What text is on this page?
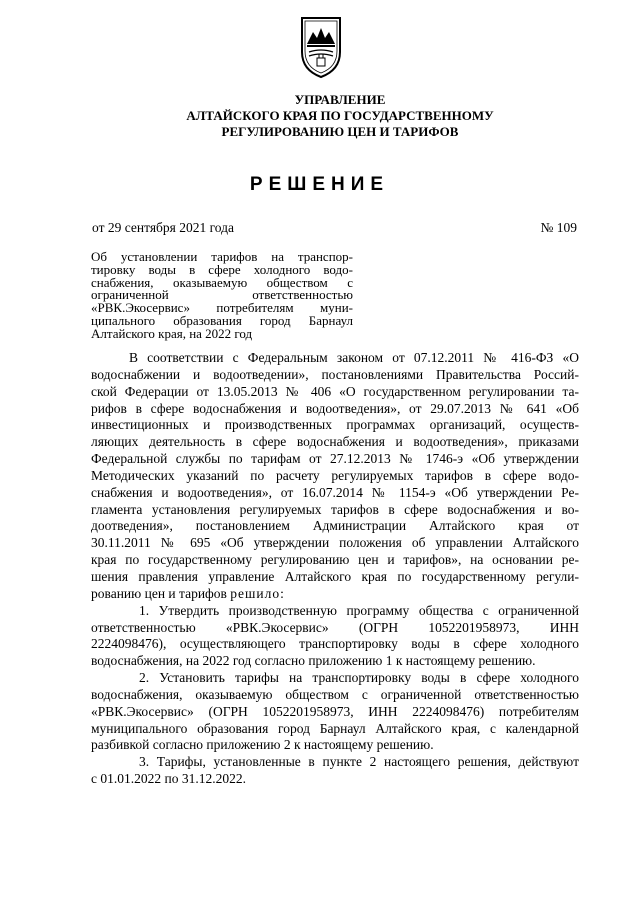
УПРАВЛЕНИЕ
АЛТАЙСКОГО КРАЯ ПО ГОСУДАРСТВЕННОМУ
РЕГУЛИРОВАНИЮ ЦЕН И ТАРИФОВ
РЕШЕНИЕ
от 29 сентября 2021 года	№ 109
Об установлении тарифов на транспор-
тировку воды в сфере холодного водо-
снабжения, оказываемую обществом с
ограниченной ответственностью
«РВК.Экосервис» потребителям муни-
ципального образования город Барнаул
Алтайского края, на 2022 год
В соответствии с Федеральным законом от 07.12.2011 № 416-ФЗ «О
водоснабжении и водоотведении», постановлениями Правительства Россий-
ской Федерации от 13.05.2013 № 406 «О государственном регулировании та-
рифов в сфере водоснабжения и водоотведения», от 29.07.2013 № 641 «Об
инвестиционных и производственных программах организаций, осуществ-
ляющих деятельность в сфере водоснабжения и водоотведения», приказами
Федеральной службы по тарифам от 27.12.2013 № 1746-э «Об утверждении
Методических указаний по расчету регулируемых тарифов в сфере водо-
снабжения и водоотведения», от 16.07.2014 № 1154-э «Об утверждении Ре-
гламента установления регулируемых тарифов в сфере водоснабжения и во-
доотведения», постановлением Администрации Алтайского края от
30.11.2011 № 695 «Об утверждении положения об управлении Алтайского
края по государственному регулированию цен и тарифов», на основании ре-
шения правления управление Алтайского края по государственному регули-
рованию цен и тарифов решило:
1. Утвердить производственную программу общества с ограниченной
ответственностью «РВК.Экосервис» (ОГРН 1052201958973, ИНН
2224098476), осуществляющего транспортировку воды в сфере холодного
водоснабжения, на 2022 год согласно приложению 1 к настоящему решению.
2. Установить тарифы на транспортировку воды в сфере холодного
водоснабжения, оказываемую обществом с ограниченной ответственностью
«РВК.Экосервис» (ОГРН 1052201958973, ИНН 2224098476) потребителям
муниципального образования город Барнаул Алтайского края, с календарной
разбивкой согласно приложению 2 к настоящему решению.
3. Тарифы, установленные в пункте 2 настоящего решения, действуют
с 01.01.2022 по 31.12.2022.
